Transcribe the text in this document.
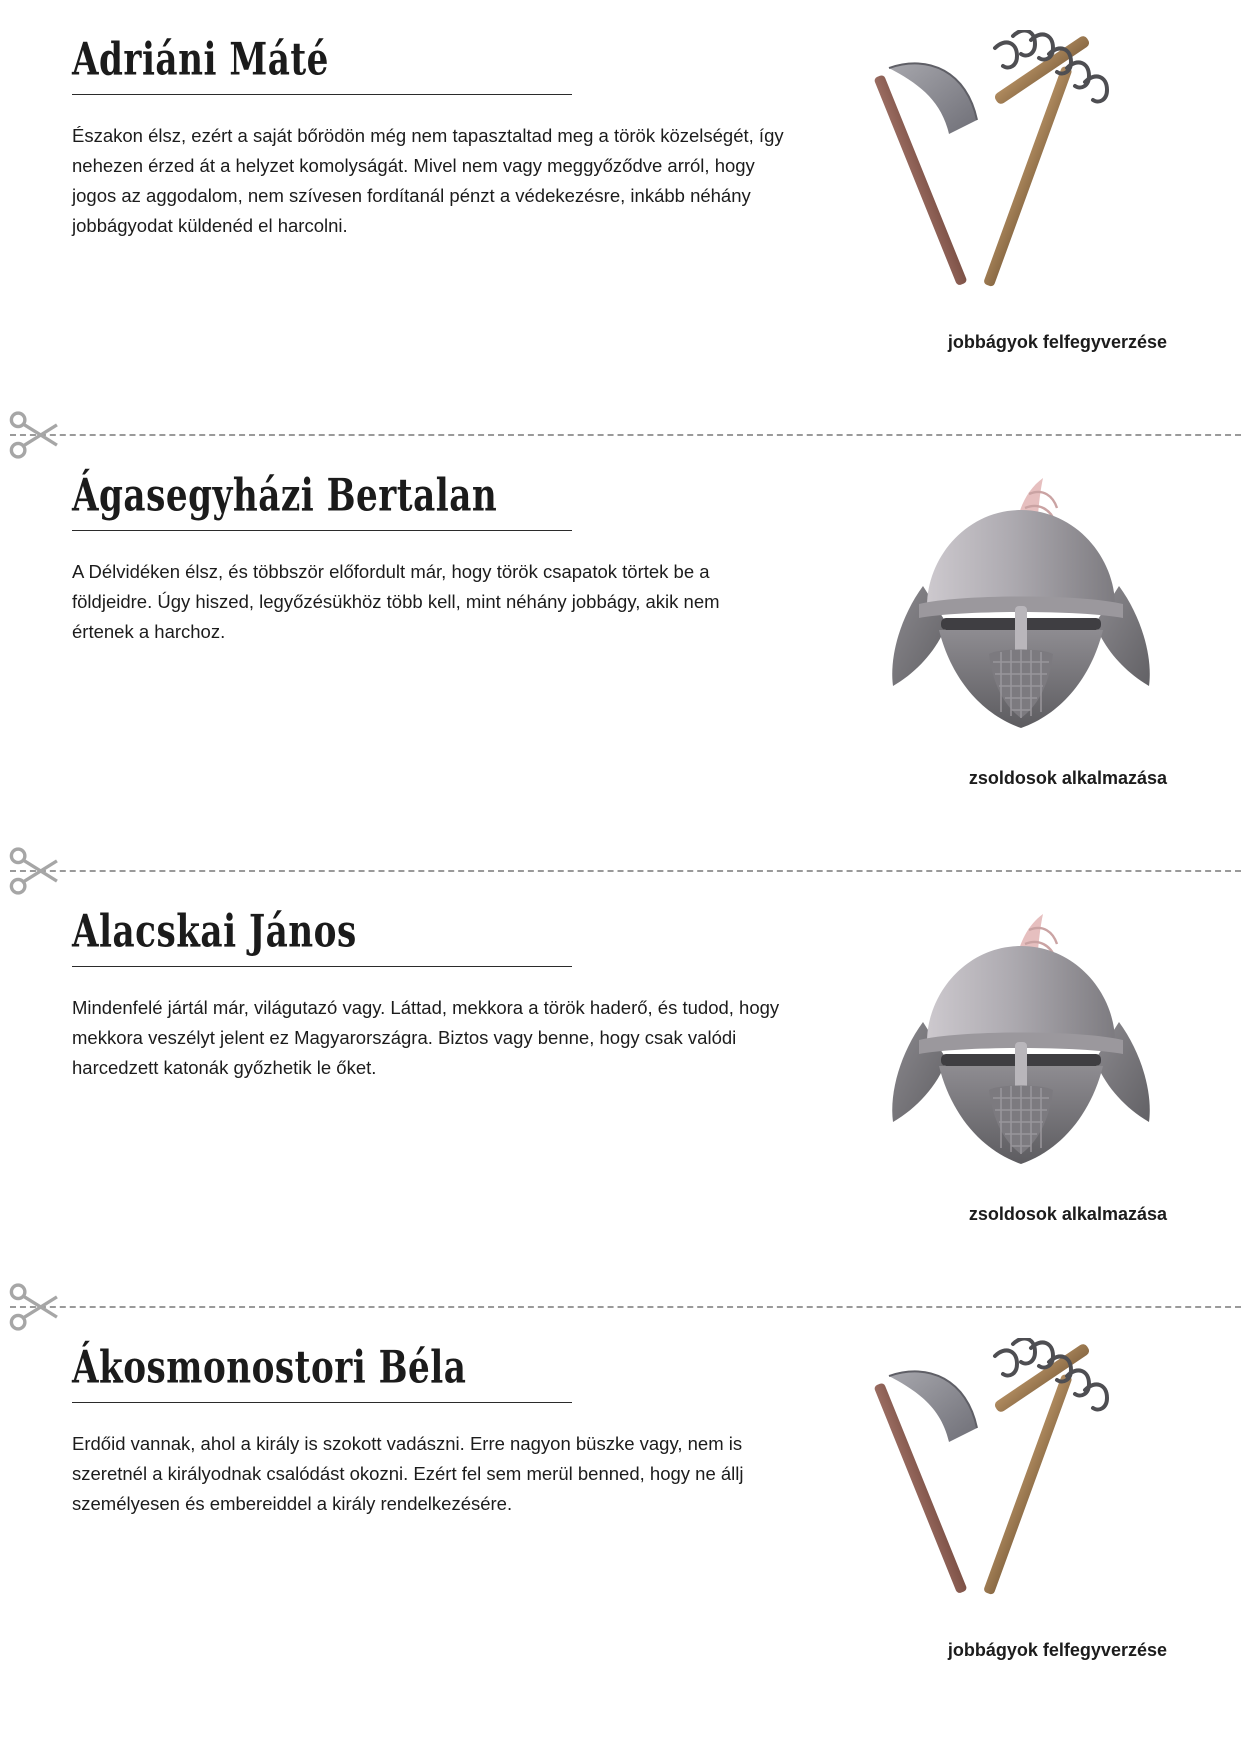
Adriáni Máté
Északon élsz, ezért a saját bőrödön még nem tapasztaltad meg a török közelségét, így nehezen érzed át a helyzet komolyságát. Mivel nem vagy meggyőződve arról, hogy jogos az aggodalom, nem szívesen fordítanál pénzt a védekezésre, inkább néhány jobbágyodat küldenéd el harcolni.
jobbágyok felfegyverzése
Ágasegyházi Bertalan
A Délvidéken élsz, és többször előfordult már, hogy török csapatok törtek be a földjeidre. Úgy hiszed, legyőzésükhöz több kell, mint néhány jobbágy, akik nem értenek a harchoz.
zsoldosok alkalmazása
Alacskai János
Mindenfelé jártál már, világutazó vagy. Láttad, mekkora a török haderő, és tudod, hogy mekkora veszélyt jelent ez Magyarországra. Biztos vagy benne, hogy csak valódi harcedzett katonák győzhetik le őket.
zsoldosok alkalmazása
Ákosmonostori Béla
Erdőid vannak, ahol a király is szokott vadászni. Erre nagyon büszke vagy, nem is szeretnél a királyodnak csalódást okozni. Ezért fel sem merül benned, hogy ne állj személyesen és embereiddel a király rendelkezésére.
jobbágyok felfegyverzése
